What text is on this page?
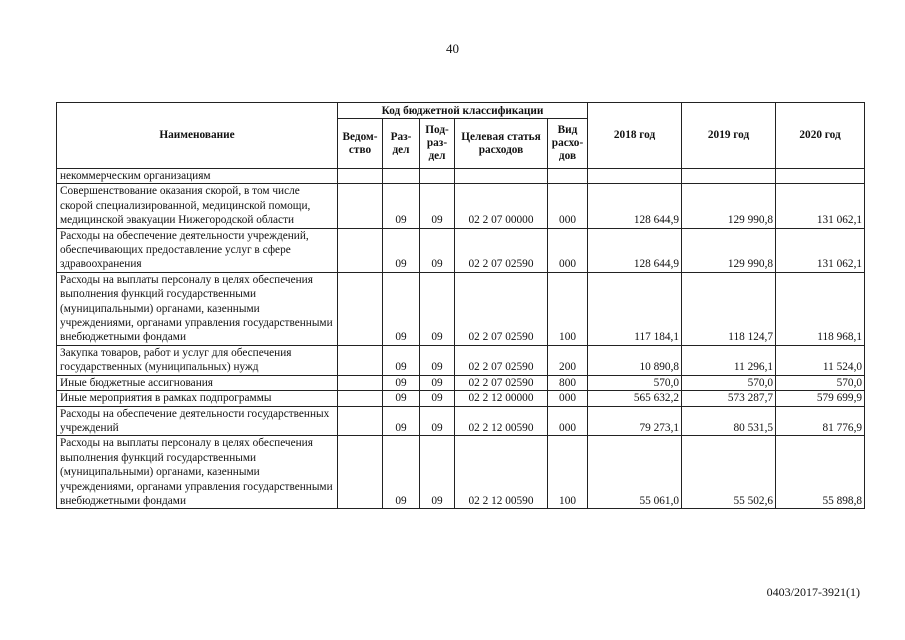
40
Наименование	Код бюджетной классификации					2018 год	2019 год	2020 год
	Ведом-ство	Раз-дел	Под-раз-дел	Целевая статья расходов	Вид расхо-дов			
некоммерческим организациям								
Совершенствование оказания скорой, в том числе скорой специализированной, медицинской помощи, медицинской эвакуации Нижегородской области		09	09	02 2 07 00000	000	128 644,9	129 990,8	131 062,1
Расходы на обеспечение деятельности учреждений, обеспечивающих предоставление услуг в сфере здравоохранения		09	09	02 2 07 02590	000	128 644,9	129 990,8	131 062,1
Расходы на выплаты персоналу в целях обеспечения выполнения функций государственными (муниципальными) органами, казенными учреждениями, органами управления государственными внебюджетными фондами		09	09	02 2 07 02590	100	117 184,1	118 124,7	118 968,1
Закупка товаров, работ и услуг для обеспечения государственных (муниципальных) нужд		09	09	02 2 07 02590	200	10 890,8	11 296,1	11 524,0
Иные бюджетные ассигнования		09	09	02 2 07 02590	800	570,0	570,0	570,0
Иные мероприятия в рамках подпрограммы		09	09	02 2 12 00000	000	565 632,2	573 287,7	579 699,9
Расходы на обеспечение деятельности государственных учреждений		09	09	02 2 12 00590	000	79 273,1	80 531,5	81 776,9
Расходы на выплаты персоналу в целях обеспечения выполнения функций государственными (муниципальными) органами, казенными учреждениями, органами управления государственными внебюджетными фондами		09	09	02 2 12 00590	100	55 061,0	55 502,6	55 898,8
0403/2017-3921(1)
